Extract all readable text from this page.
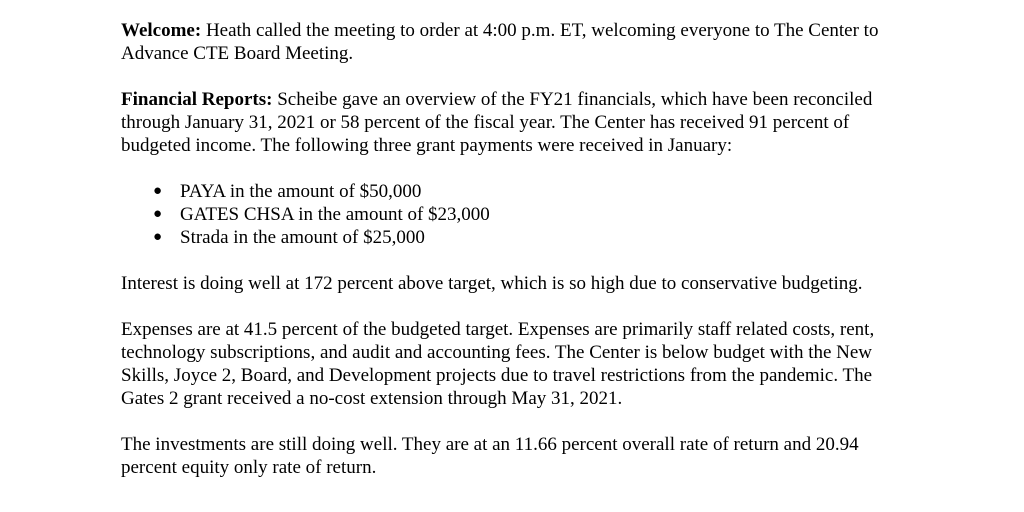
Welcome: Heath called the meeting to order at 4:00 p.m. ET, welcoming everyone to The Center to Advance CTE Board Meeting.

Financial Reports: Scheibe gave an overview of the FY21 financials, which have been reconciled through January 31, 2021 or 58 percent of the fiscal year. The Center has received 91 percent of budgeted income. The following three grant payments were received in January:

● PAYA in the amount of $50,000
● GATES CHSA in the amount of $23,000
● Strada in the amount of $25,000

Interest is doing well at 172 percent above target, which is so high due to conservative budgeting.

Expenses are at 41.5 percent of the budgeted target. Expenses are primarily staff related costs, rent, technology subscriptions, and audit and accounting fees. The Center is below budget with the New Skills, Joyce 2, Board, and Development projects due to travel restrictions from the pandemic. The Gates 2 grant received a no-cost extension through May 31, 2021.

The investments are still doing well. They are at an 11.66 percent overall rate of return and 20.94 percent equity only rate of return.
